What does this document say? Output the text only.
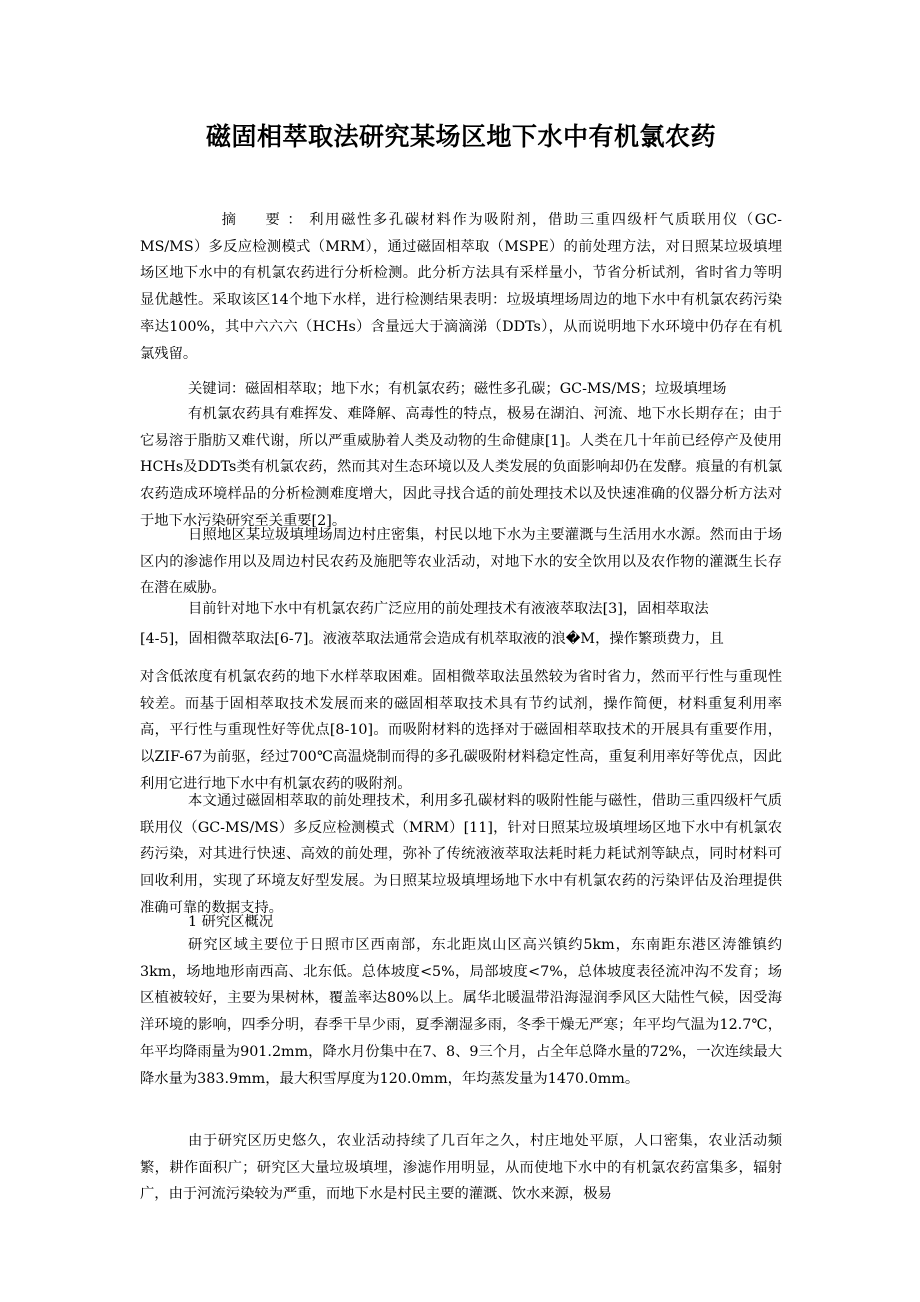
磁固相萃取法研究某场区地下水中有机氯农药
摘　要：利用磁性多孔碳材料作为吸附剂，借助三重四级杆气质联用仪（GC-MS/MS）多反应检测模式（MRM），通过磁固相萃取（MSPE）的前处理方法，对日照某垃圾填埋场区地下水中的有机氯农药进行分析检测。此分析方法具有采样量小，节省分析试剂，省时省力等明显优越性。采取该区14个地下水样，进行检测结果表明：垃圾填埋场周边的地下水中有机氯农药污染率达100%，其中六六六（HCHs）含量远大于滴滴涕（DDTs），从而说明地下水环境中仍存在有机氯残留。
关键词：磁固相萃取；地下水；有机氯农药；磁性多孔碳；GC-MS/MS；垃圾填埋场
有机氯农药具有难挥发、难降解、高毒性的特点，极易在湖泊、河流、地下水长期存在；由于它易溶于脂肪又难代谢，所以严重威胁着人类及动物的生命健康[1]。人类在几十年前已经停产及使用HCHs及DDTs类有机氯农药，然而其对生态环境以及人类发展的负面影响却仍在发酵。痕量的有机氯农药造成环境样品的分析检测难度增大，因此寻找合适的前处理技术以及快速准确的仪器分析方法对于地下水污染研究至关重要[2]。
日照地区某垃圾填埋场周边村庄密集，村民以地下水为主要灌溉与生活用水水源。然而由于场区内的渗滤作用以及周边村民农药及施肥等农业活动，对地下水的安全饮用以及农作物的灌溉生长存在潜在威胁。
目前针对地下水中有机氯农药广泛应用的前处理技术有液液萃取法[3]，固相萃取法
[4-5]，固相微萃取法[6-7]。液液萃取法通常会造成有机萃取液的浪�M，操作繁琐费力，且
对含低浓度有机氯农药的地下水样萃取困难。固相微萃取法虽然较为省时省力，然而平行性与重现性较差。而基于固相萃取技术发展而来的磁固相萃取技术具有节约试剂，操作简便，材料重复利用率高，平行性与重现性好等优点[8-10]。而吸附材料的选择对于磁固相萃取技术的开展具有重要作用，以ZIF-67为前驱，经过700℃高温烧制而得的多孔碳吸附材料稳定性高，重复利用率好等优点，因此利用它进行地下水中有机氯农药的吸附剂。
本文通过磁固相萃取的前处理技术，利用多孔碳材料的吸附性能与磁性，借助三重四级杆气质联用仪（GC-MS/MS）多反应检测模式（MRM）[11]，针对日照某垃圾填埋场区地下水中有机氯农药污染，对其进行快速、高效的前处理，弥补了传统液液萃取法耗时耗力耗试剂等缺点，同时材料可回收利用，实现了环境友好型发展。为日照某垃圾填埋场地下水中有机氯农药的污染评估及治理提供准确可靠的数据支持。
1 研究区概况
研究区域主要位于日照市区西南部，东北距岚山区高兴镇约5km，东南距东港区涛雒镇约3km，场地地形南西高、北东低。总体坡度<5%，局部坡度<7%，总体坡度表径流冲沟不发育；场区植被较好，主要为果树林，覆盖率达80%以上。属华北暖温带沿海湿润季风区大陆性气候，因受海洋环境的影响，四季分明，春季干旱少雨，夏季潮湿多雨，冬季干燥无严寒；年平均气温为12.7℃，年平均降雨量为901.2mm，降水月份集中在7、8、9三个月，占全年总降水量的72%，一次连续最大降水量为383.9mm，最大积雪厚度为120.0mm，年均蒸发量为1470.0mm。
由于研究区历史悠久，农业活动持续了几百年之久，村庄地处平原，人口密集，农业活动频繁，耕作面积广；研究区大量垃圾填埋，渗滤作用明显，从而使地下水中的有机氯农药富集多，辐射广，由于河流污染较为严重，而地下水是村民主要的灌溉、饮水来源，极易
